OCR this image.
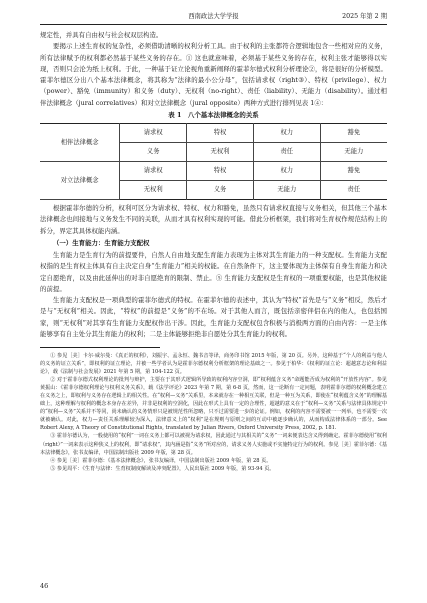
西南政法大学学报	2025 年第 2 期

规定性，并具有自由权与社会权双层构造。

要揭示上述生育权的复杂性，必须借助清晰的权利分析工具。由于权利的主张都符合逻辑地包含一些相对应的义务，所有法律赋予的权利都必然基于某些义务的存在。① 这也就意味着，必须基于某些义务的存在，权利主张才能够得以实现，否则只会沦为纸上权利。于此，一种基于证立论视角重新阐释的霍菲尔德式权利分析理论②，将是很好的分析模型。霍菲尔德区分出八个基本法律概念，将其称为“法律的最小公分母”，包括请求权（right③）、特权（privilege）、权力（power）、豁免（immunity）和义务（duty）、无权利（no-right）、责任（liability）、无能力（disability）。通过相伴法律概念（jural correlatives）和对立法律概念（jural opposite）两种方式进行排列见表 1④：

表 1　八个基本法律概念的关系
相伴法律概念	请求权	特权	权力	豁免
	义务	无权利	责任	无能力
对立法律概念	请求权	特权	权力	豁免
	无权利	义务	无能力	责任

根据霍菲尔德的分析，权利可区分为请求权、特权、权力和豁免，虽然只有请求权直接与义务相关，但其他三个基本法律概念也间接地与义务发生不同的关联，从而才具有权利实现的可能。借此分析框架，我们将对生育权作规范结构上的拆分，界定其具体权能内涵。

（一）生育能力：生育能力支配权

生育能力是生育行为的前提要件，自然人自由地支配生育能力表现为主体对其生育能力的一种支配权。生育能力支配权指的是生育权主体具有自主决定自身“生育能力”相关的权能。在自然条件下，这主要体现为主体保有自身生育能力和决定自愿绝育，以及由此延伸出的对非自愿绝育的限制、禁止。⑤ 生育能力支配权是生育权的一项重要权能，也是其他权能的前提。

生育能力支配权是一项典型的霍菲尔德式的特权。在霍菲尔德的表述中，其认为“特权”首先是与“义务”相反，然后才是与“无权利”相关。因此，“特权”的前提是“义务”的不在场。对于其他人而言，既包括亲密伴侣在内的他人，也包括国家，则“无权利”对其享有生育能力支配权作出干涉。因此，生育能力支配权包含积极与消极两方面的自由内容：一是主体能够享有自主处分其生育能力的权利；二是主体能够拒绝非自愿处分其生育能力的权利。

① 参见［美］卡尔·威尔曼：《真正的权利》，刘振宇、孟永恒、魏书音等译，商务印书馆 2015 年版，第 20 页。另外，这种基于“个人的利益与他人的义务的证立关系”，即权利的证立理论，并被一些学者认为是霍菲尔德权利分析框架的理论基础之一。参见于柏华：《权利的证立论：超越意志论和利益论》，载《法制与社会发展》2021 年第 5 期，第 104-122 页。

② 对于霍菲尔德式权利理论的批判与辩护，主要在于其形式逻辑所导致的权利内容空洞，即“权利蕴含义务”命题能否成为权利的“开放性内容”。参见黄振山：《霍菲尔德权利理论与权利义务关系》，载《法学评论》2023 年第 7 期，第 6-8 页，然而，这一论断有一定问题，表明霍菲尔德的权利概念建立在义务之上，即权利与义务存在逻辑上的相关性。在“权利—义务”关系里，本来就存在一种相互关联，但是一种互为关系，即使在“权利蕴含义务”的理解基础上，这种理解与权利的概念本身存在差异，并非是权利的空洞化，因此在形式上具有一定的合理性，超越的意义在于“权利—义务”关系与法律具体规定中的“权利—义务”关系并不等同，尚未确认的义务情形只是被规范性所忽略，只不过需要进一步的论证。例如，权利的内容不需要被一一列举，也不需要一次就被确认。对此，权力—责任关系理解较为深入，法律意义上的“权利”是在规则与原则之间的互动中被逐步确认的，从而构成法律体系的一部分。See Robert Alexy, A Theory of Constitutional Rights, translated by Julian Rivers, Oxford University Press, 2002, p. 181.

③ 霍菲尔德认为，一般使用的“权利”一词在义务上都可以被视为请求权，因此通过与其相关的“义务”一词来便表达含义得到确定。霍菲尔德使用“权利（right）”一词来表示这种狭义上的权利，即“请求权”，其内涵是指“义务”所对应的，请求义务人实施或不实施特定行为的权利。参见［美］霍菲尔德：《基本法律概念》，张书友编译，中国法制出版社 2009 年版，第 28 页。

④ 参见［美］霍菲尔德：《基本法律概念》，张书友编译，中国法制出版社 2009 年版，第 28 页。

⑤ 参见周平：《生育与法律：生育权制度解读及冲突配置》，人民出版社 2009 年版，第 93-94 页。

46
